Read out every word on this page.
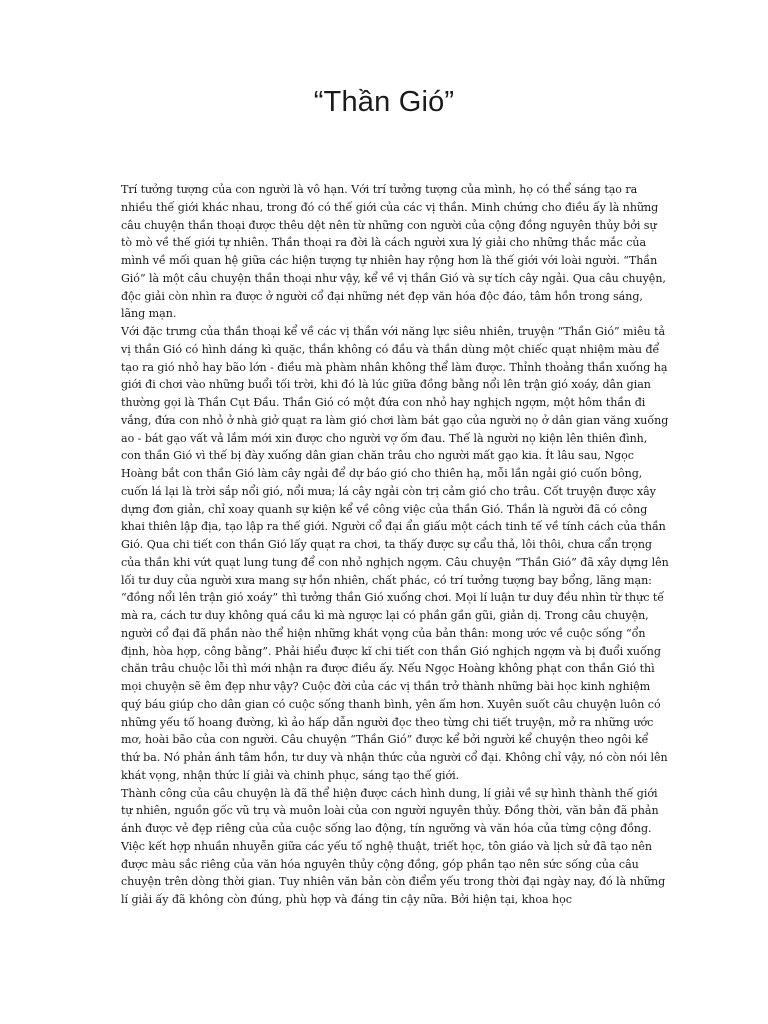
“Thần Gió”

Trí tưởng tượng của con người là vô hạn. Với trí tưởng tượng của mình, họ có thể sáng tạo ra nhiều thế giới khác nhau, trong đó có thế giới của các vị thần. Minh chứng cho điều ấy là những câu chuyện thần thoại được thêu dệt nên từ những con người của cộng đồng nguyên thủy bởi sự tò mò về thế giới tự nhiên. Thần thoại ra đời là cách người xưa lý giải cho những thắc mắc của mình về mối quan hệ giữa các hiện tượng tự nhiên hay rộng hơn là thế giới với loài người. “Thần Gió” là một câu chuyện thần thoại như vậy, kể về vị thần Gió và sự tích cây ngải. Qua câu chuyện, độc giải còn nhìn ra được ở người cổ đại những nét đẹp văn hóa độc đáo, tâm hồn trong sáng, lãng mạn.

Với đặc trưng của thần thoại kể về các vị thần với năng lực siêu nhiên, truyện “Thần Gió” miêu tả vị thần Gió có hình dáng kì quặc, thần không có đầu và thần dùng một chiếc quạt nhiệm màu để tạo ra gió nhỏ hay bão lớn - điều mà phàm nhân không thể làm được. Thỉnh thoảng thần xuống hạ giới đi chơi vào những buổi tối trời, khi đó là lúc giữa đồng bằng nổi lên trận gió xoáy, dân gian thường gọi là Thần Cụt Đầu. Thần Gió có một đứa con nhỏ hay nghịch ngợm, một hôm thần đi vắng, đứa con nhỏ ở nhà giở quạt ra làm gió chơi làm bát gạo của người nọ ở dân gian văng xuống ao - bát gạo vất vả lắm mới xin được cho người vợ ốm đau. Thế là người nọ kiện lên thiên đình, con thần Gió vì thế bị đày xuống dân gian chăn trâu cho người mất gạo kia. Ít lâu sau, Ngọc Hoàng bắt con thần Gió làm cây ngải để dự báo gió cho thiên hạ, mỗi lần ngải gió cuốn bông, cuốn lá lại là trời sắp nổi gió, nổi mưa; lá cây ngải còn trị cảm gió cho trâu. Cốt truyện được xây dựng đơn giản, chỉ xoay quanh sự kiện kể về công việc của thần Gió. Thần là người đã có công khai thiên lập địa, tạo lập ra thế giới. Người cổ đại ẩn giấu một cách tinh tế về tính cách của thần Gió. Qua chi tiết con thần Gió lấy quạt ra chơi, ta thấy được sự cẩu thả, lôi thôi, chưa cẩn trọng của thần khi vứt quạt lung tung để con nhỏ nghịch ngợm. Câu chuyện “Thần Gió” đã xây dựng lên lối tư duy của người xưa mang sự hồn nhiên, chất phác, có trí tưởng tượng bay bổng, lãng mạn: “đồng nổi lên trận gió xoáy” thì tưởng thần Gió xuống chơi. Mọi lí luận tư duy đều nhìn từ thực tế mà ra, cách tư duy không quá cầu kì mà ngược lại có phần gần gũi, giản dị. Trong câu chuyện, người cổ đại đã phần nào thể hiện những khát vọng của bản thân: mong ước về cuộc sống “ổn định, hòa hợp, công bằng”. Phải hiểu được kĩ chi tiết con thần Gió nghịch ngợm và bị đuổi xuống chăn trâu chuộc lỗi thì mới nhận ra được điều ấy. Nếu Ngọc Hoàng không phạt con thần Gió thì mọi chuyện sẽ êm đẹp như vậy? Cuộc đời của các vị thần trở thành những bài học kinh nghiệm quý báu giúp cho dân gian có cuộc sống thanh bình, yên ấm hơn. Xuyên suốt câu chuyện luôn có những yếu tố hoang đường, kì ảo hấp dẫn người đọc theo từng chi tiết truyện, mở ra những ước mơ, hoài bão của con người. Câu chuyện “Thần Gió” được kể bởi người kể chuyện theo ngôi kể thứ ba. Nó phản ánh tâm hồn, tư duy và nhận thức của người cổ đại. Không chỉ vậy, nó còn nói lên khát vọng, nhận thức lí giải và chinh phục, sáng tạo thế giới.

Thành công của câu chuyện là đã thể hiện được cách hình dung, lí giải về sự hình thành thế giới tự nhiên, nguồn gốc vũ trụ và muôn loài của con người nguyên thủy. Đồng thời, văn bản đã phản ánh được vẻ đẹp riêng của của cuộc sống lao động, tín ngưỡng và văn hóa của từng cộng đồng. Việc kết hợp nhuần nhuyễn giữa các yếu tố nghệ thuật, triết học, tôn giáo và lịch sử đã tạo nên được màu sắc riêng của văn hóa nguyên thủy cộng đồng, góp phần tạo nên sức sống của câu chuyện trên dòng thời gian. Tuy nhiên văn bản còn điểm yếu trong thời đại ngày nay, đó là những lí giải ấy đã không còn đúng, phù hợp và đáng tin cậy nữa. Bởi hiện tại, khoa học
